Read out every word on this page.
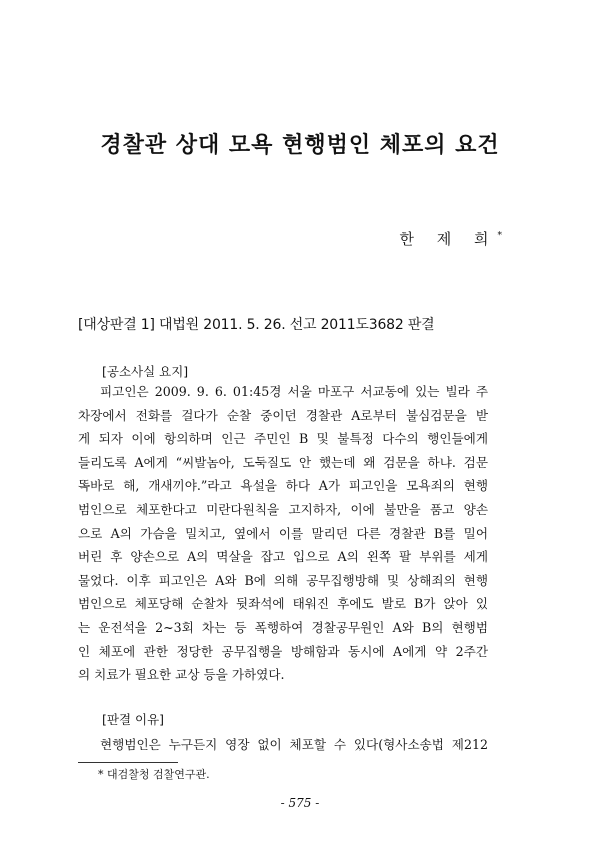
경찰관 상대 모욕 현행범인 체포의 요건
한 제 희*
[대상판결 1] 대법원 2011. 5. 26. 선고 2011도3682 판결
[공소사실 요지]
피고인은 2009. 9. 6. 01:45경 서울 마포구 서교동에 있는 빌라 주
차장에서 전화를 걸다가 순찰 중이던 경찰관 A로부터 불심검문을 받
게 되자 이에 항의하며 인근 주민인 B 및 불특정 다수의 행인들에게
들리도록 A에게 “씨발놈아, 도둑질도 안 했는데 왜 검문을 하냐. 검문
똑바로 해, 개새끼야.”라고 욕설을 하다 A가 피고인을 모욕죄의 현행
범인으로 체포한다고 미란다원칙을 고지하자, 이에 불만을 품고 양손
으로 A의 가슴을 밀치고, 옆에서 이를 말리던 다른 경찰관 B를 밀어
버린 후 양손으로 A의 멱살을 잡고 입으로 A의 왼쪽 팔 부위를 세게
물었다. 이후 피고인은 A와 B에 의해 공무집행방해 및 상해죄의 현행
범인으로 체포당해 순찰차 뒷좌석에 태워진 후에도 발로 B가 앉아 있
는 운전석을 2~3회 차는 등 폭행하여 경찰공무원인 A와 B의 현행범
인 체포에 관한 정당한 공무집행을 방해함과 동시에 A에게 약 2주간
의 치료가 필요한 교상 등을 가하였다.
[판결 이유]
현행범인은 누구든지 영장 없이 체포할 수 있다(형사소송법 제212
* 대검찰청 검찰연구관.
- 575 -
